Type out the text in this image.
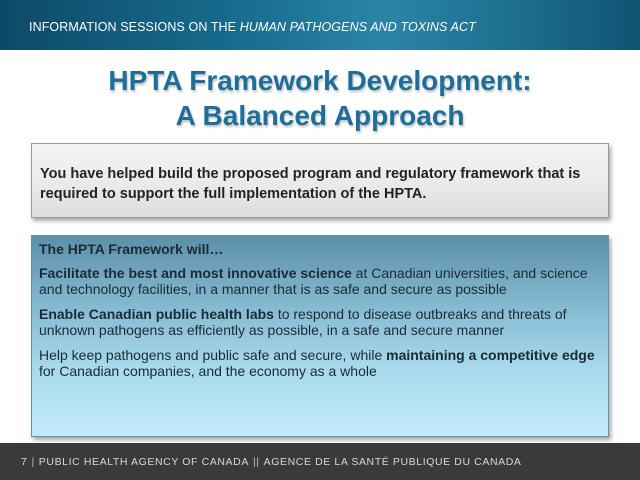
INFORMATION SESSIONS ON THE HUMAN PATHOGENS AND TOXINS ACT
HPTA Framework Development:
A Balanced Approach
You have helped build the proposed program and regulatory framework that is required to support the full implementation of the HPTA.
The HPTA Framework will…
Facilitate the best and most innovative science at Canadian universities, and science and technology facilities, in a manner that is as safe and secure as possible
Enable Canadian public health labs to respond to disease outbreaks and threats of unknown pathogens as efficiently as possible, in a safe and secure manner
Help keep pathogens and public safe and secure, while maintaining a competitive edge for Canadian companies, and the economy as a whole
7 | PUBLIC HEALTH AGENCY OF CANADA || AGENCE DE LA SANTÉ PUBLIQUE DU CANADA
